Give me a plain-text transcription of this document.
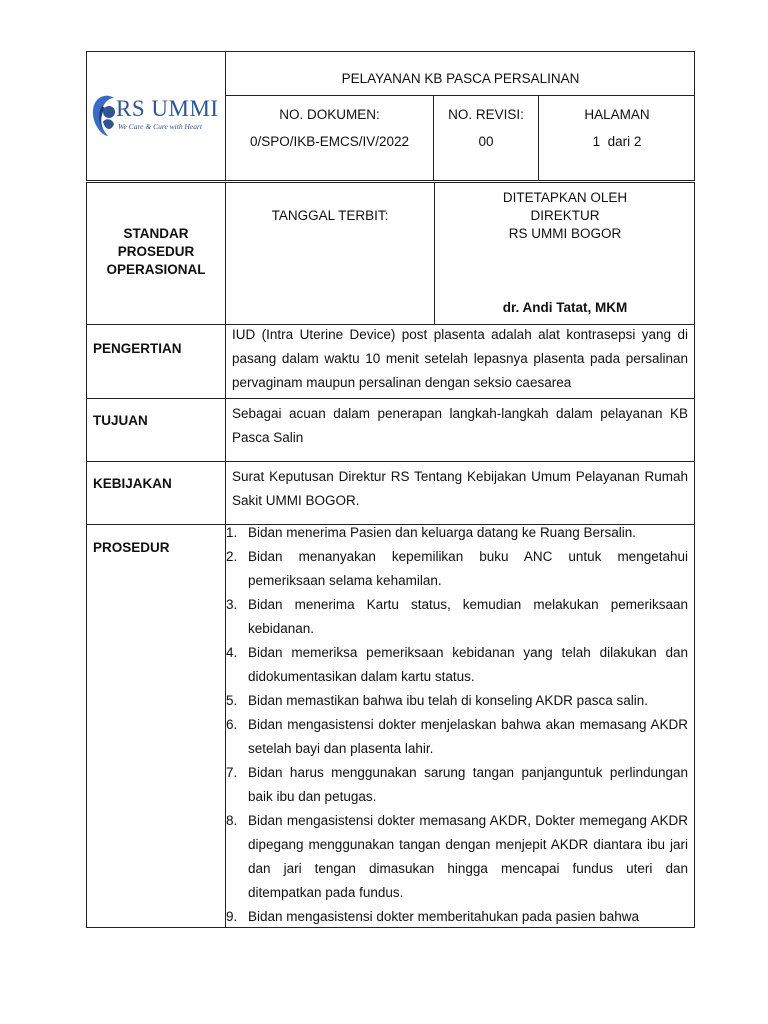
RS UMMI
We Care & Cure with Heart
PELAYANAN KB PASCA PERSALINAN
NO. DOKUMEN:
0/SPO/IKB-EMCS/IV/2022
NO. REVISI:
00
HALAMAN
1  dari 2
STANDAR
PROSEDUR
OPERASIONAL
TANGGAL TERBIT:
DITETAPKAN OLEH
DIREKTUR
RS UMMI BOGOR
dr. Andi Tatat, MKM
PENGERTIAN
IUD (Intra Uterine Device) post plasenta adalah alat kontrasepsi yang di pasang dalam waktu 10 menit setelah lepasnya plasenta pada persalinan pervaginam maupun persalinan dengan seksio caesarea
TUJUAN	Sebagai acuan dalam penerapan langkah-langkah dalam pelayanan KB Pasca Salin
KEBIJAKAN	Surat Keputusan Direktur RS Tentang Kebijakan Umum Pelayanan Rumah Sakit UMMI BOGOR.
PROSEDUR
1. Bidan menerima Pasien dan keluarga datang ke Ruang Bersalin.
2. Bidan menanyakan kepemilikan buku ANC untuk mengetahui pemeriksaan selama kehamilan.
3. Bidan menerima Kartu status, kemudian melakukan pemeriksaan kebidanan.
4. Bidan memeriksa pemeriksaan kebidanan yang telah dilakukan dan didokumentasikan dalam kartu status.
5. Bidan memastikan bahwa ibu telah di konseling AKDR pasca salin.
6. Bidan mengasistensi dokter menjelaskan bahwa akan memasang AKDR setelah bayi dan plasenta lahir.
7. Bidan harus menggunakan sarung tangan panjanguntuk perlindungan baik ibu dan petugas.
8. Bidan mengasistensi dokter memasang AKDR, Dokter memegang AKDR dipegang menggunakan tangan dengan menjepit AKDR diantara ibu jari dan jari tengan dimasukan hingga mencapai fundus uteri dan ditempatkan pada fundus.
9. Bidan mengasistensi dokter memberitahukan pada pasien bahwa
